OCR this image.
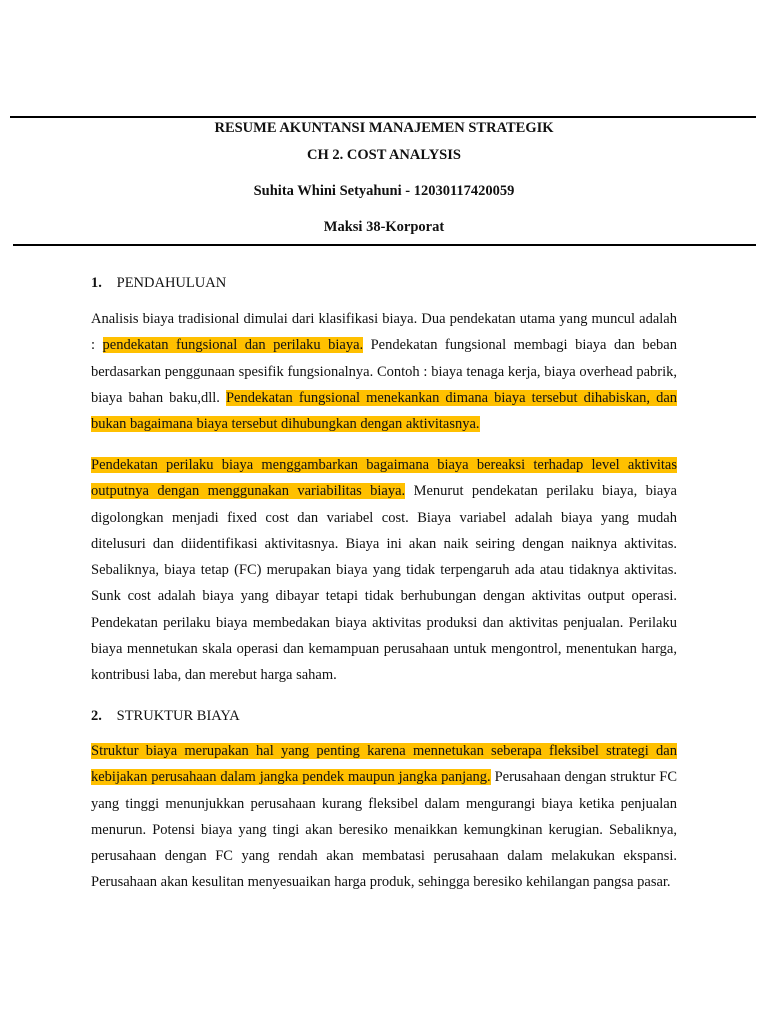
RESUME AKUNTANSI MANAJEMEN STRATEGIK
CH 2. COST ANALYSIS
Suhita Whini Setyahuni - 12030117420059
Maksi 38-Korporat
1. PENDAHULUAN
Analisis biaya tradisional dimulai dari klasifikasi biaya. Dua pendekatan utama yang muncul adalah : pendekatan fungsional dan perilaku biaya. Pendekatan fungsional membagi biaya dan beban berdasarkan penggunaan spesifik fungsionalnya. Contoh : biaya tenaga kerja, biaya overhead pabrik, biaya bahan baku,dll. Pendekatan fungsional menekankan dimana biaya tersebut dihabiskan, dan bukan bagaimana biaya tersebut dihubungkan dengan aktivitasnya.
Pendekatan perilaku biaya menggambarkan bagaimana biaya bereaksi terhadap level aktivitas outputnya dengan menggunakan variabilitas biaya. Menurut pendekatan perilaku biaya, biaya digolongkan menjadi fixed cost dan variabel cost. Biaya variabel adalah biaya yang mudah ditelusuri dan diidentifikasi aktivitasnya. Biaya ini akan naik seiring dengan naiknya aktivitas. Sebaliknya, biaya tetap (FC) merupakan biaya yang tidak terpengaruh ada atau tidaknya aktivitas. Sunk cost adalah biaya yang dibayar tetapi tidak berhubungan dengan aktivitas output operasi. Pendekatan perilaku biaya membedakan biaya aktivitas produksi dan aktivitas penjualan. Perilaku biaya mennetukan skala operasi dan kemampuan perusahaan untuk mengontrol, menentukan harga, kontribusi laba, dan merebut harga saham.
2. STRUKTUR BIAYA
Struktur biaya merupakan hal yang penting karena mennetukan seberapa fleksibel strategi dan kebijakan perusahaan dalam jangka pendek maupun jangka panjang. Perusahaan dengan struktur FC yang tinggi menunjukkan perusahaan kurang fleksibel dalam mengurangi biaya ketika penjualan menurun. Potensi biaya yang tingi akan beresiko menaikkan kemungkinan kerugian. Sebaliknya, perusahaan dengan FC yang rendah akan membatasi perusahaan dalam melakukan ekspansi. Perusahaan akan kesulitan menyesuaikan harga produk, sehingga beresiko kehilangan pangsa pasar.
